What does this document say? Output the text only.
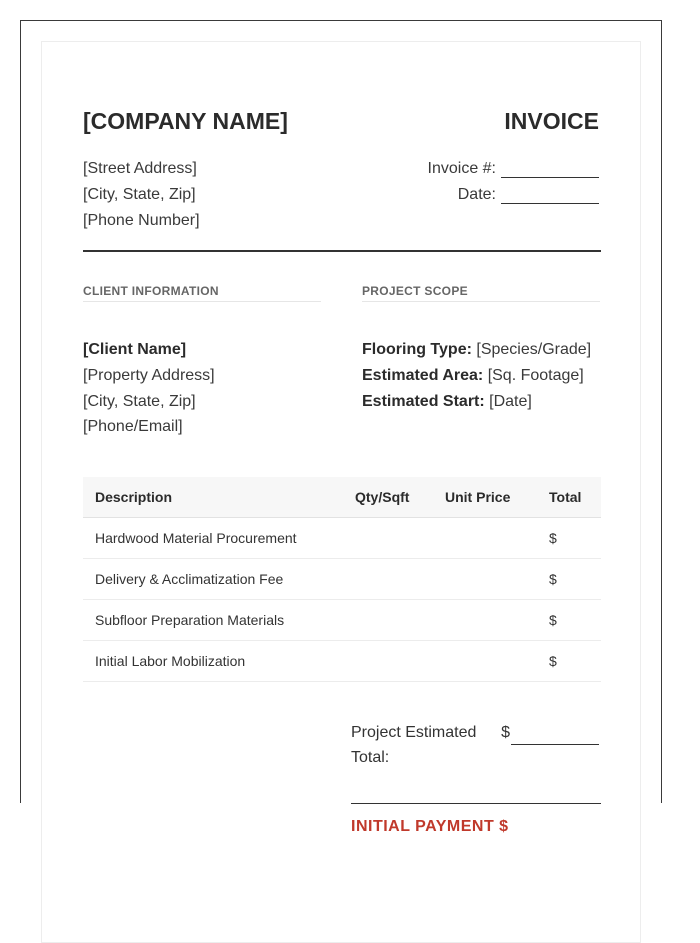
[COMPANY NAME]	INVOICE
[Street Address]
[City, State, Zip]
[Phone Number]
Invoice #:
Date:
CLIENT INFORMATION	PROJECT SCOPE
[Client Name]
[Property Address]
[City, State, Zip]
[Phone/Email]
Flooring Type: [Species/Grade]
Estimated Area: [Sq. Footage]
Estimated Start: [Date]
Description	Qty/Sqft	Unit Price	Total
Hardwood Material Procurement			$
Delivery & Acclimatization Fee			$
Subfloor Preparation Materials			$
Initial Labor Mobilization			$
Project Estimated Total:
$
INITIAL PAYMENT $
